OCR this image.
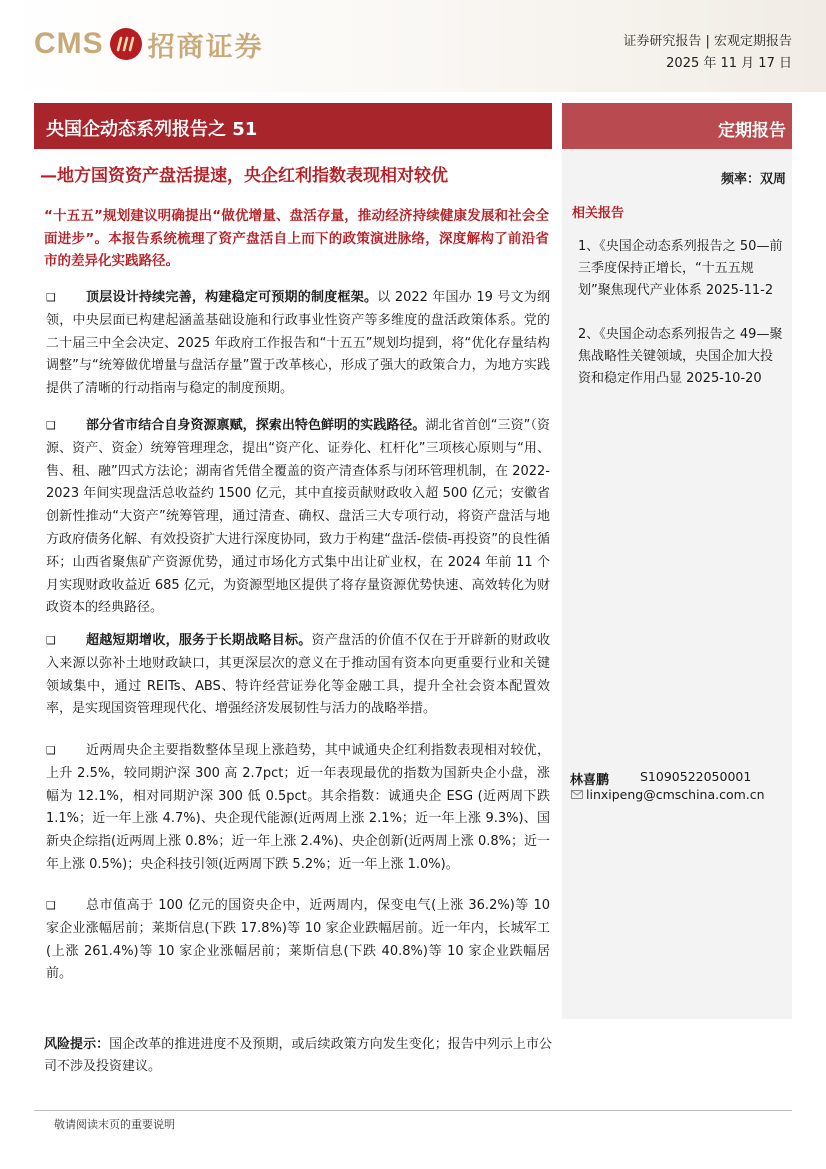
CMS 招商证券	证券研究报告 | 宏观定期报告
2025 年 11 月 17 日
央国企动态系列报告之 51	定期报告
—地方国资资产盘活提速，央企红利指数表现相对较优	频率：双周
“十五五”规划建议明确提出“做优增量、盘活存量，推动经济持续健康发展和社会全面进步”。本报告系统梳理了资产盘活自上而下的政策演进脉络，深度解构了前沿省市的差异化实践路径。
❑	顶层设计持续完善，构建稳定可预期的制度框架。以 2022 年国办 19 号文为纲领，中央层面已构建起涵盖基础设施和行政事业性资产等多维度的盘活政策体系。党的二十届三中全会决定、2025 年政府工作报告和“十五五”规划均提到，将“优化存量结构调整”与“统筹做优增量与盘活存量”置于改革核心，形成了强大的政策合力，为地方实践提供了清晰的行动指南与稳定的制度预期。
❑	部分省市结合自身资源禀赋，探索出特色鲜明的实践路径。湖北省首创“三资”（资源、资产、资金）统筹管理理念，提出“资产化、证券化、杠杆化”三项核心原则与“用、售、租、融”四式方法论；湖南省凭借全覆盖的资产清查体系与闭环管理机制，在 2022-2023 年间实现盘活总收益约 1500 亿元，其中直接贡献财政收入超 500 亿元；安徽省创新性推动“大资产”统筹管理，通过清查、确权、盘活三大专项行动，将资产盘活与地方政府债务化解、有效投资扩大进行深度协同，致力于构建“盘活-偿债-再投资”的良性循环；山西省聚焦矿产资源优势，通过市场化方式集中出让矿业权，在 2024 年前 11 个月实现财政收益近 685 亿元，为资源型地区提供了将存量资源优势快速、高效转化为财政资本的经典路径。
❑	超越短期增收，服务于长期战略目标。资产盘活的价值不仅在于开辟新的财政收入来源以弥补土地财政缺口，其更深层次的意义在于推动国有资本向更重要行业和关键领域集中，通过 REITs、ABS、特许经营证券化等金融工具，提升全社会资本配置效率，是实现国资管理现代化、增强经济发展韧性与活力的战略举措。
❑	近两周央企主要指数整体呈现上涨趋势，其中诚通央企红利指数表现相对较优，上升 2.5%，较同期沪深 300 高 2.7pct；近一年表现最优的指数为国新央企小盘，涨幅为 12.1%，相对同期沪深 300 低 0.5pct。其余指数：诚通央企 ESG (近两周下跌 1.1%；近一年上涨 4.7%)、央企现代能源(近两周上涨 2.1%；近一年上涨 9.3%)、国新央企综指(近两周上涨 0.8%；近一年上涨 2.4%)、央企创新(近两周上涨 0.8%；近一年上涨 0.5%)；央企科技引领(近两周下跌 5.2%；近一年上涨 1.0%)。
❑	总市值高于 100 亿元的国资央企中，近两周内，保变电气(上涨 36.2%)等 10 家企业涨幅居前；莱斯信息(下跌 17.8%)等 10 家企业跌幅居前。近一年内，长城军工(上涨 261.4%)等 10 家企业涨幅居前；莱斯信息(下跌 40.8%)等 10 家企业跌幅居前。
相关报告
1、《央国企动态系列报告之 50—前三季度保持正增长，“十五五规划”聚焦现代产业体系 2025-11-2
2、《央国企动态系列报告之 49—聚焦战略性关键领域，央国企加大投资和稳定作用凸显 2025-10-20
林喜鹏 S1090522050001
linxipeng@cmschina.com.cn
风险提示：国企改革的推进进度不及预期，或后续政策方向发生变化；报告中列示上市公司不涉及投资建议。
敬请阅读末页的重要说明
